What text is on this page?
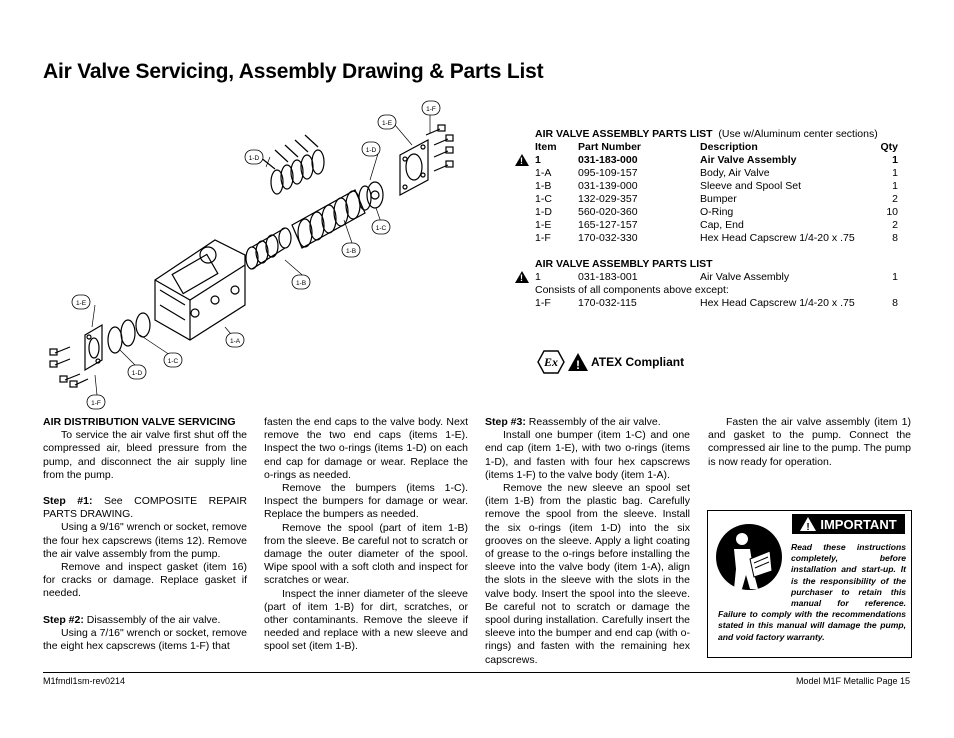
Air Valve Servicing, Assembly Drawing & Parts List
1-F
1-E
1-D
1-D
1-C
1-B
1-B
1-A
1-E
1-C
1-D
1-F
AIR VALVE ASSEMBLY PARTS LIST (Use w/Aluminum center sections)
Item	Part Number	Description	Qty
!
1	031-183-000	Air Valve Assembly	1
1-A	095-109-157	Body, Air Valve	1
1-B	031-139-000	Sleeve and Spool Set	1
1-C	132-029-357	Bumper	2
1-D	560-020-360	O-Ring	10
1-E	165-127-157	Cap, End	2
1-F	170-032-330	Hex Head Capscrew 1/4-20 x .75	8
AIR VALVE ASSEMBLY PARTS LIST
!
1	031-183-001	Air Valve Assembly	1
Consists of all components above except:
1-F	170-032-115	Hex Head Capscrew 1/4-20 x .75	8
Ex ! ATEX Compliant

AIR DISTRIBUTION VALVE SERVICING

To service the air valve first shut off the compressed air, bleed pressure from the pump, and disconnect the air supply line from the pump.

Step #1: See COMPOSITE REPAIR PARTS DRAWING.

Using a 9/16" wrench or socket, remove the four hex capscrews (items 12). Remove the air valve assembly from the pump.

Remove and inspect gasket (item 16) for cracks or damage. Replace gasket if needed.

Step #2: Disassembly of the air valve.

Using a 7/16" wrench or socket, remove the eight hex capscrews (items 1-F) that

fasten the end caps to the valve body. Next remove the two end caps (items 1-E). Inspect the two o-rings (items 1-D) on each end cap for damage or wear. Replace the o-rings as needed.

Remove the bumpers (items 1-C). Inspect the bumpers for damage or wear. Replace the bumpers as needed.

Remove the spool (part of item 1-B) from the sleeve. Be careful not to scratch or damage the outer diameter of the spool. Wipe spool with a soft cloth and inspect for scratches or wear.

Inspect the inner diameter of the sleeve (part of item 1-B) for dirt, scratches, or other contaminants. Remove the sleeve if needed and replace with a new sleeve and spool set (item 1-B).

Step #3: Reassembly of the air valve.

Install one bumper (item 1-C) and one end cap (item 1-E), with two o-rings (items 1-D), and fasten with four hex capscrews (items 1-F) to the valve body (item 1-A).

Remove the new sleeve an spool set (item 1-B) from the plastic bag. Carefully remove the spool from the sleeve. Install the six o-rings (item 1-D) into the six grooves on the sleeve. Apply a light coating of grease to the o-rings before installing the sleeve into the valve body (item 1-A), align the slots in the sleeve with the slots in the valve body. Insert the spool into the sleeve. Be careful not to scratch or damage the spool during installation. Carefully insert the sleeve into the bumper and end cap (with o-rings) and fasten with the remaining hex capscrews.

Fasten the air valve assembly (item 1) and gasket to the pump. Connect the compressed air line to the pump. The pump is now ready for operation.

! IMPORTANT
Read these instructions completely, before installation and start-up. It is the responsibility of the purchaser to retain this manual for reference. Failure to comply with the recommendations stated in this manual will damage the pump, and void factory warranty.
M1fmdl1sm-rev0214	Model M1F Metallic Page 15
